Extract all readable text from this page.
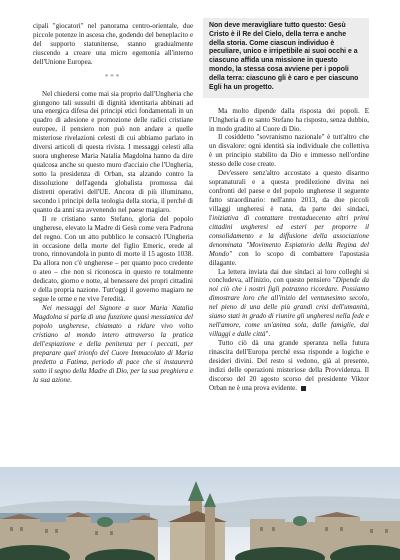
cipali "giocatori" nel panorama centro-orientale, due piccole potenze in ascesa che, godendo del beneplacito e del supporto statunitense, stanno gradualmente riuscendo a creare una micro egemonia all'interno dell'Unione Europea.

***

Nel chiedersi come mai sia proprio dall'Ungheria che giungono tali sussulti di dignità identitaria abbinati ad una energica difesa dei principi etici fondamentali in un quadro di adesione e promozione delle radici cristiane europee, il pensiero non può non andare a quelle misteriose rivelazioni celesti di cui abbiamo parlato in diversi articoli di questa rivista. I messaggi celesti alla suora ungherese Maria Natalia Magdolna hanno da dire qualcosa anche su questo muro d'acciaio che l'Ungheria, sotto la presidenza di Orban, sta alzando contro la dissoluzione dell'agenda globalista promossa dai distretti operativi dell'UE. Ancora di più illuminano, secondo i principi della teologia della storia, il perché di quanto da anni sta avvenendo nel paese magiaro.

Il re cristiano santo Stefano, gloria del popolo ungherese, elevato la Madre di Gesù come vera Padrona del regno. Con un atto pubblico le consacrò l'Ungheria in occasione della morte del figlio Emeric, erede al trono, rinnovandola in punto di morte il 15 agosto 1038. Da allora non c'è ungherese – per quanto poco credente o ateo – che non si riconosca in questo re totalmente dedicato, giorno e notte, al benessere dei propri cittadini e della propria nazione. Tutt'oggi il governo magiaro ne segue le orme e ne vive l'eredità.

Nei messaggi del Signore a suor Maria Natalia Magdolna si parla di una funzione quasi messianica del popolo ungherese, chiamato a ridare vivo volto cristiano al mondo intero attraverso la pratica dell'espiazione e della penitenza per i peccati, per preparare quel trionfo del Cuore Immacolato di Maria predetto a Fatima, periodo di pace che si instaurerà sotto il segno della Madre di Dio, per la sua preghiera e la sua azione.

Non deve meravigliare tutto questo: Gesù Cristo è il Re del Cielo, della terra e anche della storia. Come ciascun individuo è peculiare, unico e irripetibile ai suoi occhi e a ciascuno affida una missione in questo mondo, la stessa cosa avviene per i popoli della terra: ciascuno gli è caro e per ciascuno Egli ha un progetto.

Ma molto dipende dalla risposta dei popoli. E l'Ungheria di re santo Stefano ha risposto, senza dubbio, in modo gradito al Cuore di Dio.

Il cosiddetto "sovranismo nazionale" è tutt'altro che un disvalore: ogni identità sia individuale che collettiva è un principio stabilito da Dio e immesso nell'ordine stesso delle cose create.

Dev'essere senz'altro accostato a questo disarmo sopranaturali e a questa predilezione divina nei confronti del paese e del popolo ungherese il seguente fatto straordinario: nell'anno 2013, da due piccoli villaggi ungheresi è nata, da parte dei sindaci, l'iniziativa di contattare trentaduecento altri primi cittadini ungheresi ed esteri per proporre il consolidamento e la diffusione della associazione denominata "Movimento Espiatorio della Regina del Mondo" con lo scopo di combattere l'apostasia dilagante.

La lettera inviata dai due sindaci ai loro colleghi si concludeva, all'inizio, con questo pensiero "Dipende da noi ciò che i nostri figli potranno ricordare. Possiamo dimostrare loro che all'inizio del ventunesimo secolo, nel pieno di una delle più grandi crisi dell'umanità, siamo stati in grado di riunire gli ungheresi nella fede e nell'amore, come un'anima sola, dalle famiglie, dai villaggi e dalle città".

Tutto ciò dà una grande speranza nella futura rinascita dell'Europa perché essa risponde a logiche e desideri divini. Del resto si vedono, già al presente, indizi delle operazioni misteriose della Provvidenza. Il discorso del 20 agosto scorso del presidente Viktor Orban ne è una prova evidente.
